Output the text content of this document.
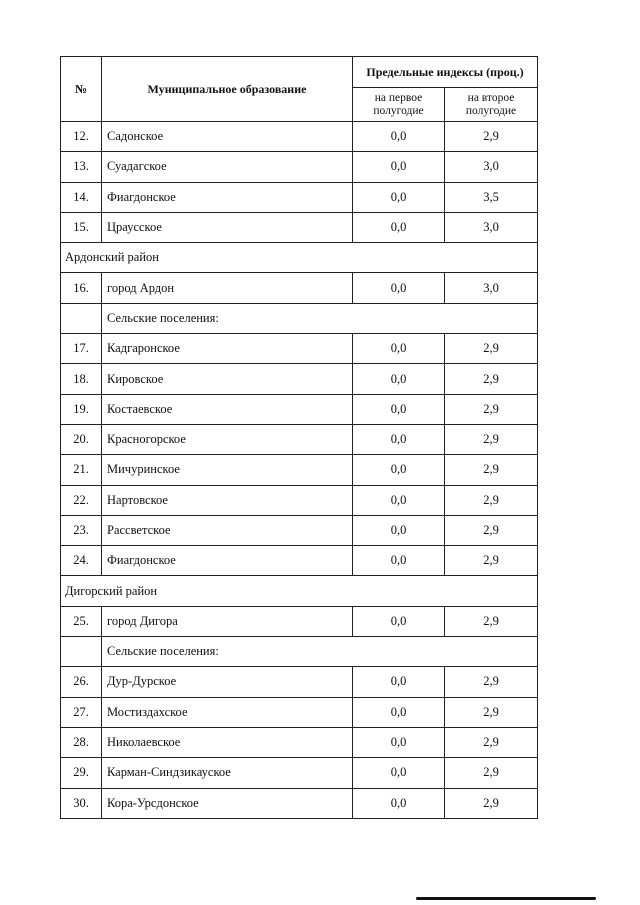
№	Муниципальное образование	Предельные индексы (проц.)	
		на первое полугодие	на второе полугодие
12.	Садонское	0,0	2,9
13.	Суадагское	0,0	3,0
14.	Фиагдонское	0,0	3,5
15.	Цраусское	0,0	3,0
Ардонский район			
16.	город Ардон	0,0	3,0
	Сельские поселения:		
17.	Кадгаронское	0,0	2,9
18.	Кировское	0,0	2,9
19.	Костаевское	0,0	2,9
20.	Красногорское	0,0	2,9
21.	Мичуринское	0,0	2,9
22.	Нартовское	0,0	2,9
23.	Рассветское	0,0	2,9
24.	Фиагдонское	0,0	2,9
Дигорский район			
25.	город Дигора	0,0	2,9
	Сельские поселения:		
26.	Дур-Дурское	0,0	2,9
27.	Мостиздахское	0,0	2,9
28.	Николаевское	0,0	2,9
29.	Карман-Синдзикауское	0,0	2,9
30.	Кора-Урсдонское	0,0	2,9
